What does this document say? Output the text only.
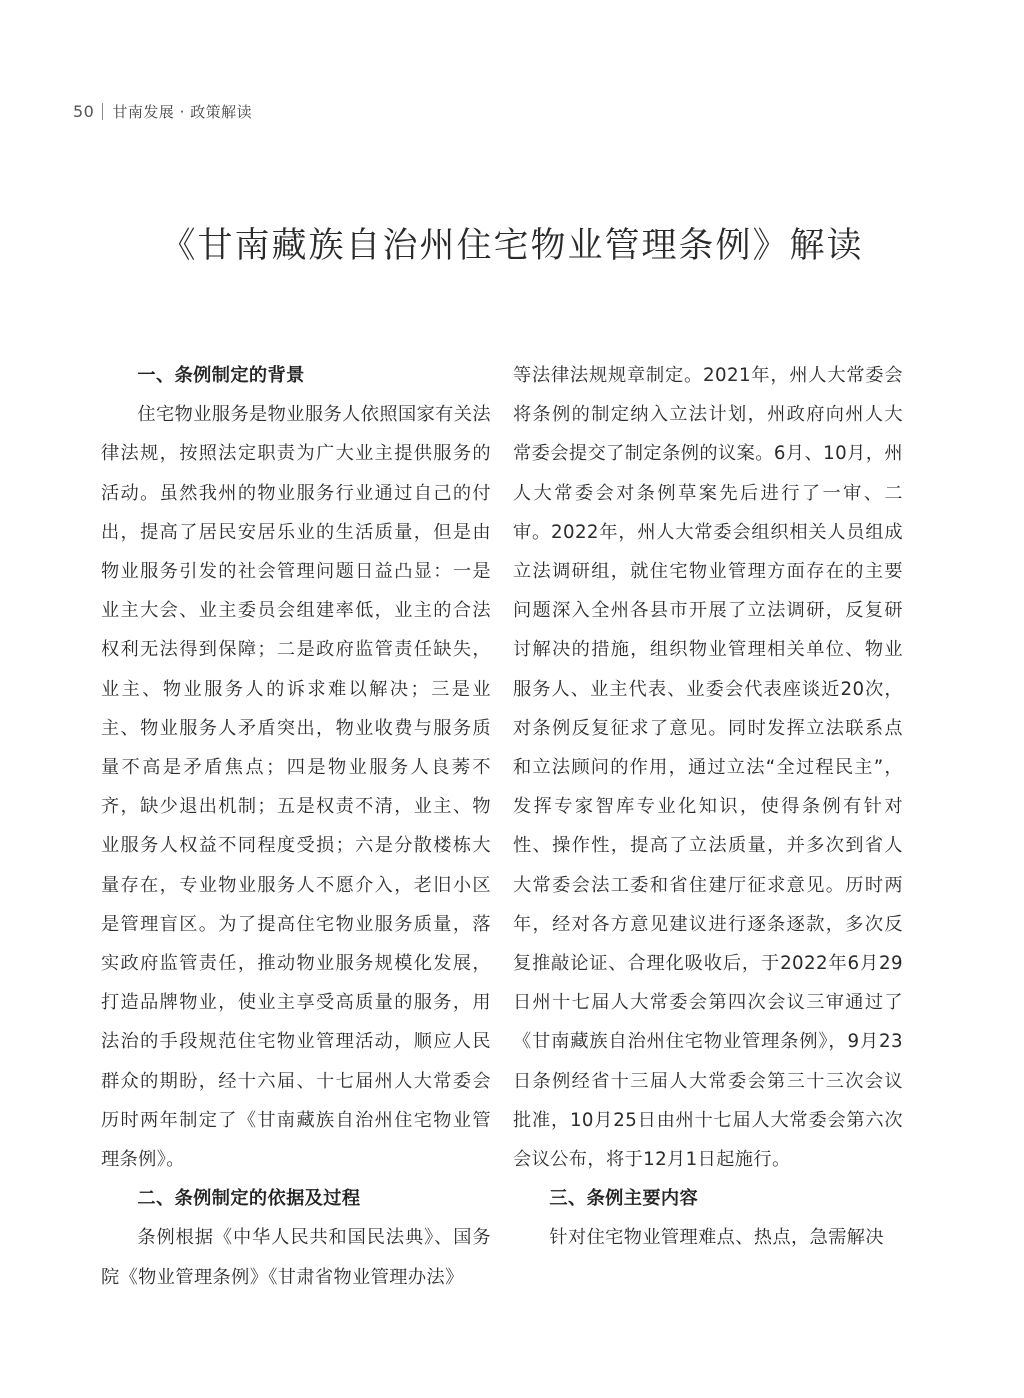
50 甘南发展 · 政策解读
《甘南藏族自治州住宅物业管理条例》解读
一、条例制定的背景

住宅物业服务是物业服务人依照国家有关法律法规，按照法定职责为广大业主提供服务的活动。虽然我州的物业服务行业通过自己的付出，提高了居民安居乐业的生活质量，但是由物业服务引发的社会管理问题日益凸显：一是业主大会、业主委员会组建率低，业主的合法权利无法得到保障；二是政府监管责任缺失，业主、物业服务人的诉求难以解决；三是业主、物业服务人矛盾突出，物业收费与服务质量不高是矛盾焦点；四是物业服务人良莠不齐，缺少退出机制；五是权责不清，业主、物业服务人权益不同程度受损；六是分散楼栋大量存在，专业物业服务人不愿介入，老旧小区是管理盲区。为了提高住宅物业服务质量，落实政府监管责任，推动物业服务规模化发展，打造品牌物业，使业主享受高质量的服务，用法治的手段规范住宅物业管理活动，顺应人民群众的期盼，经十六届、十七届州人大常委会历时两年制定了《甘南藏族自治州住宅物业管理条例》。

二、条例制定的依据及过程

条例根据《中华人民共和国民法典》、国务院《物业管理条例》《甘肃省物业管理办法》

等法律法规规章制定。2021年，州人大常委会将条例的制定纳入立法计划，州政府向州人大常委会提交了制定条例的议案。6月、10月，州人大常委会对条例草案先后进行了一审、二审。2022年，州人大常委会组织相关人员组成立法调研组，就住宅物业管理方面存在的主要问题深入全州各县市开展了立法调研，反复研讨解决的措施，组织物业管理相关单位、物业服务人、业主代表、业委会代表座谈近20次，对条例反复征求了意见。同时发挥立法联系点和立法顾问的作用，通过立法“全过程民主”，发挥专家智库专业化知识，使得条例有针对性、操作性，提高了立法质量，并多次到省人大常委会法工委和省住建厅征求意见。历时两年，经对各方意见建议进行逐条逐款，多次反复推敲论证、合理化吸收后，于2022年6月29日州十七届人大常委会第四次会议三审通过了《甘南藏族自治州住宅物业管理条例》，9月23日条例经省十三届人大常委会第三十三次会议批准，10月25日由州十七届人大常委会第六次会议公布，将于12月1日起施行。

三、条例主要内容

针对住宅物业管理难点、热点，急需解决
